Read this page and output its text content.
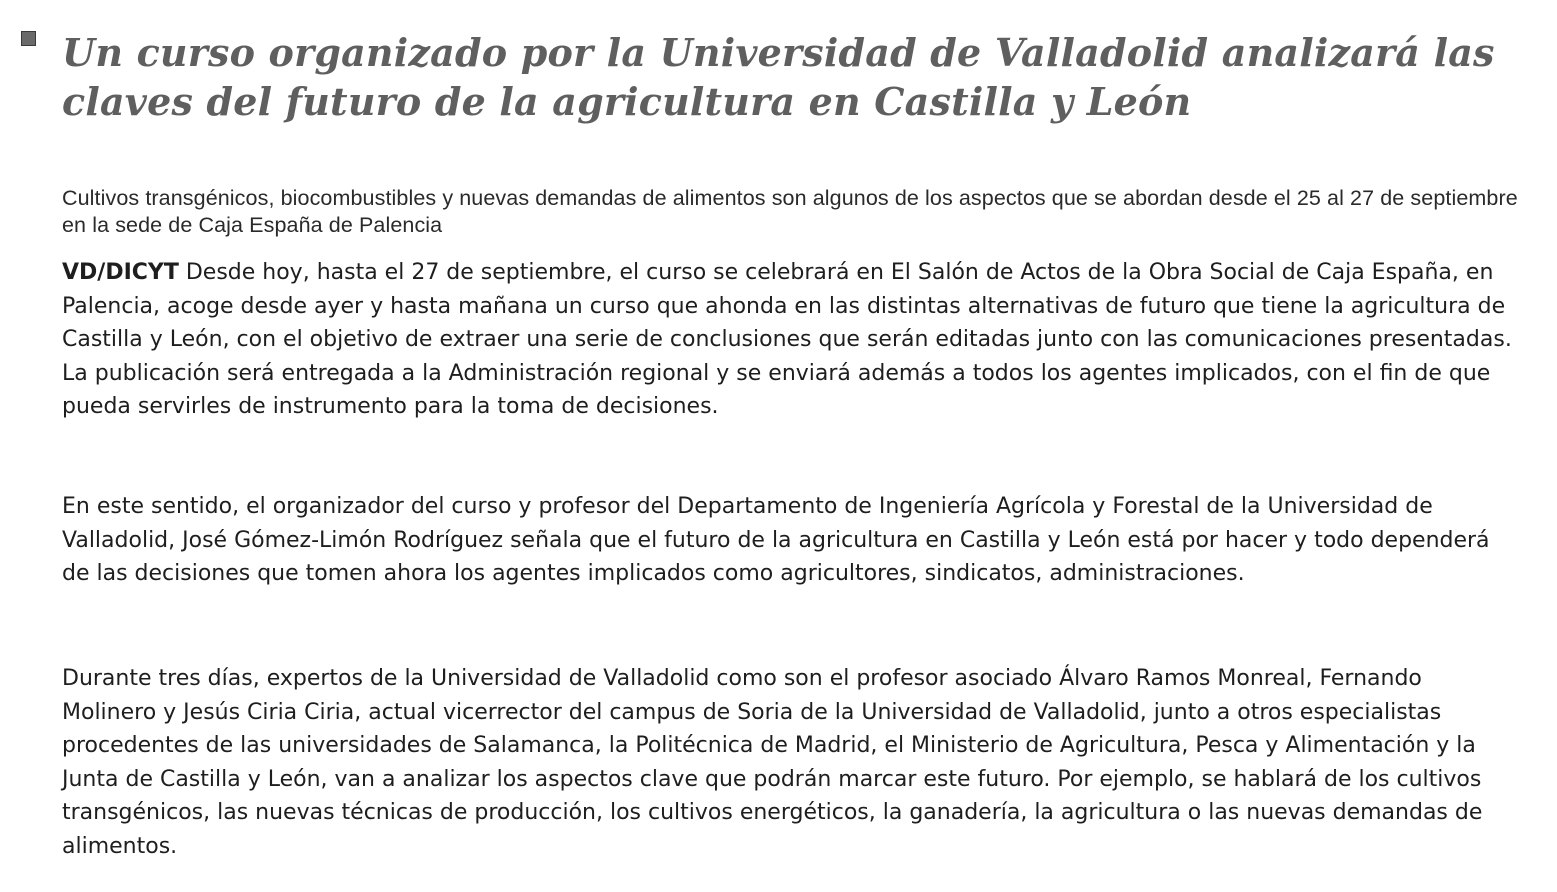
Un curso organizado por la Universidad de Valladolid analizará las claves del futuro de la agricultura en Castilla y León

Cultivos transgénicos, biocombustibles y nuevas demandas de alimentos son algunos de los aspectos que se abordan desde el 25 al 27 de septiembre en la sede de Caja España de Palencia

VD/DICYT Desde hoy, hasta el 27 de septiembre, el curso se celebrará en El Salón de Actos de la Obra Social de Caja España, en Palencia, acoge desde ayer y hasta mañana un curso que ahonda en las distintas alternativas de futuro que tiene la agricultura de Castilla y León, con el objetivo de extraer una serie de conclusiones que serán editadas junto con las comunicaciones presentadas. La publicación será entregada a la Administración regional y se enviará además a todos los agentes implicados, con el fin de que pueda servirles de instrumento para la toma de decisiones.

En este sentido, el organizador del curso y profesor del Departamento de Ingeniería Agrícola y Forestal de la Universidad de Valladolid, José Gómez-Limón Rodríguez señala que el futuro de la agricultura en Castilla y León está por hacer y todo dependerá de las decisiones que tomen ahora los agentes implicados como agricultores, sindicatos, administraciones.

Durante tres días, expertos de la Universidad de Valladolid como son el profesor asociado Álvaro Ramos Monreal, Fernando Molinero y Jesús Ciria Ciria, actual vicerrector del campus de Soria de la Universidad de Valladolid, junto a otros especialistas procedentes de las universidades de Salamanca, la Politécnica de Madrid, el Ministerio de Agricultura, Pesca y Alimentación y la Junta de Castilla y León, van a analizar los aspectos clave que podrán marcar este futuro. Por ejemplo, se hablará de los cultivos transgénicos, las nuevas técnicas de producción, los cultivos energéticos, la ganadería, la agricultura o las nuevas demandas de alimentos.
